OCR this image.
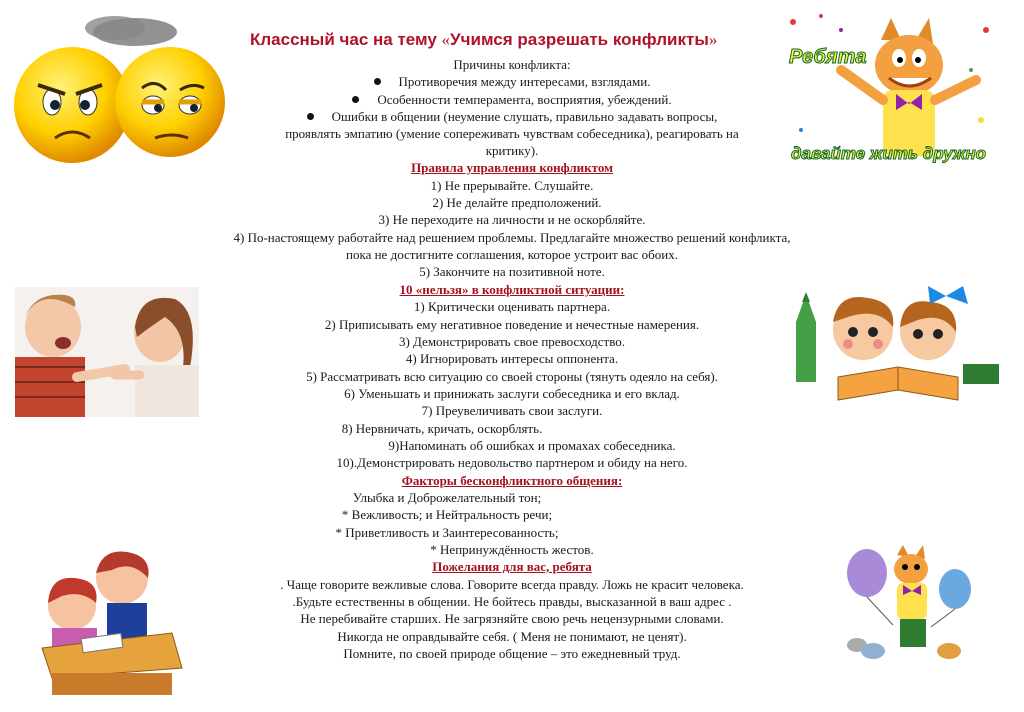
Классный час на тему «Учимся разрешать конфликты»
Причины конфликта:
Противоречия между интересами, взглядами.
Особенности темперамента, восприятия, убеждений.
Ошибки в общении (неумение слушать, правильно задавать вопросы,
проявлять эмпатию (умение сопереживать чувствам собеседника), реагировать на
критику).
Правила управления конфликтом
1) Не прерывайте. Слушайте.
2) Не делайте предположений.
3) Не переходите на личности и не оскорбляйте.
4) По-настоящему работайте над решением проблемы. Предлагайте множество решений конфликта,
пока не достигните соглашения, которое устроит вас обоих.
5) Закончите на позитивной ноте.
10 «нельзя» в конфликтной ситуации:
1) Критически оценивать партнера.
2) Приписывать ему негативное поведение и нечестные намерения.
3) Демонстрировать свое превосходство.
4) Игнорировать интересы оппонента.
5) Рассматривать всю ситуацию со своей стороны (тянуть одеяло на себя).
6) Уменьшать и принижать заслуги собеседника и его вклад.
7) Преувеличивать свои заслуги.
8) Нервничать, кричать, оскорблять.
9)Напоминать об ошибках и промахах собеседника.
10).Демонстрировать недовольство партнером и обиду на него.
Факторы бесконфликтного общения:
Улыбка и Доброжелательный тон;
* Вежливость; и Нейтральность речи;
* Приветливость и Заинтересованность;
* Непринуждённость жестов.
Пожелания для вас, ребята
. Чаще говорите вежливые слова. Говорите всегда правду. Ложь не красит человека.
.Будьте естественны в общении. Не бойтесь правды, высказанной в ваш адрес .
Не перебивайте старших. Не загрязняйте свою речь нецензурными словами.
Никогда не оправдывайте себя. ( Меня не понимают, не ценят).
Помните, по своей природе общение – это ежедневный труд.
Ребята
давайте жить дружно
